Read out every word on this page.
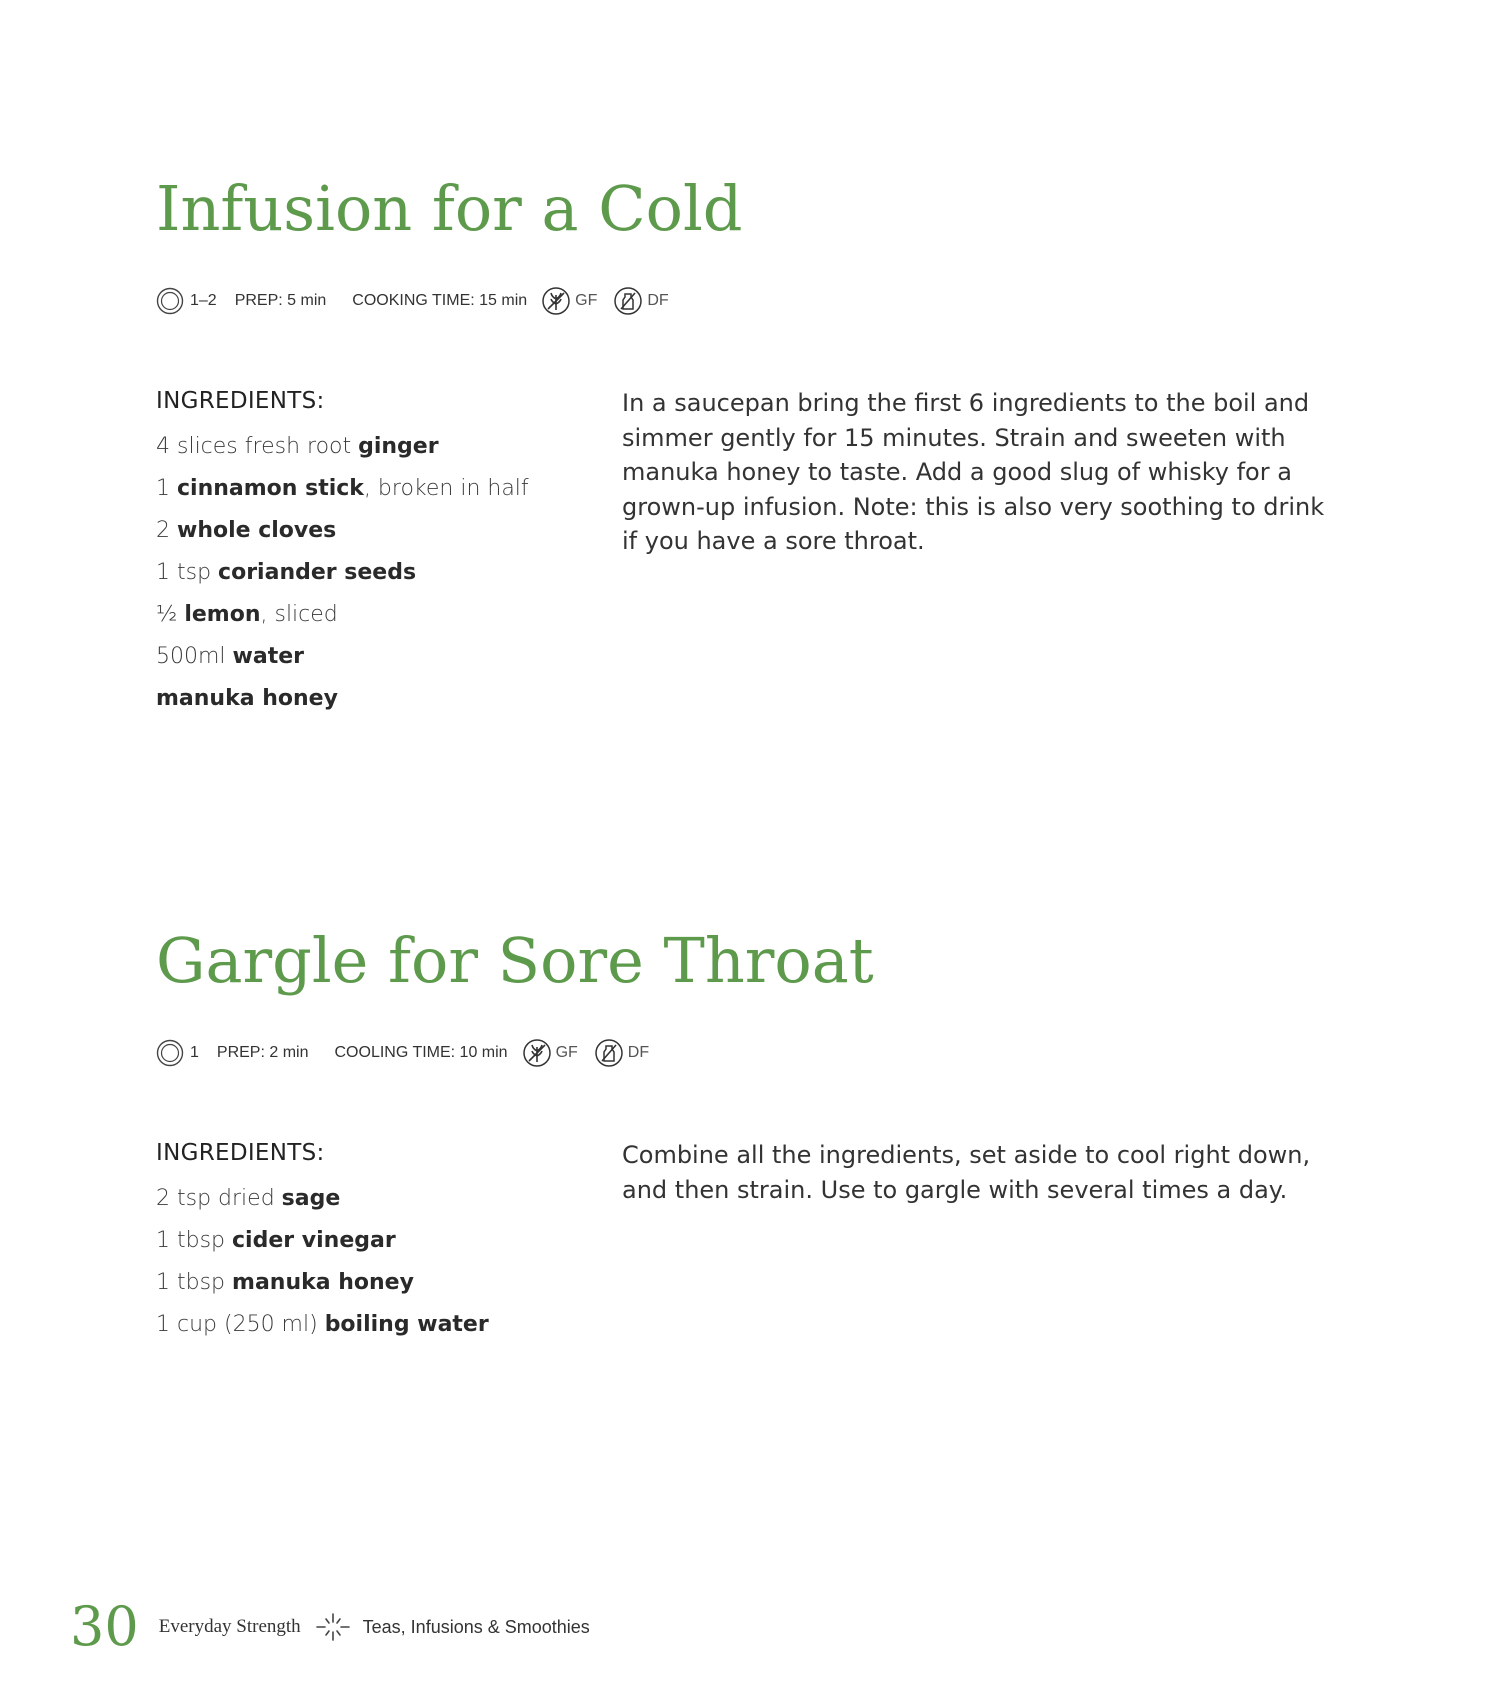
Infusion for a Cold
1–2 PREP: 5 min COOKING TIME: 15 min	GF	DF
INGREDIENTS:
4 slices fresh root ginger
1 cinnamon stick, broken in half
2 whole cloves
1 tsp coriander seeds
½ lemon, sliced
500ml water
manuka honey

In a saucepan bring the first 6 ingredients to the boil and simmer gently for 15 minutes. Strain and sweeten with manuka honey to taste. Add a good slug of whisky for a grown-up infusion. Note: this is also very soothing to drink if you have a sore throat.

Gargle for Sore Throat
1 PREP: 2 min COOLING TIME: 10 min	GF	DF
INGREDIENTS:
2 tsp dried sage
1 tbsp cider vinegar
1 tbsp manuka honey
1 cup (250 ml) boiling water

Combine all the ingredients, set aside to cool right down, and then strain. Use to gargle with several times a day.

30 Everyday Strength	Teas, Infusions & Smoothies
